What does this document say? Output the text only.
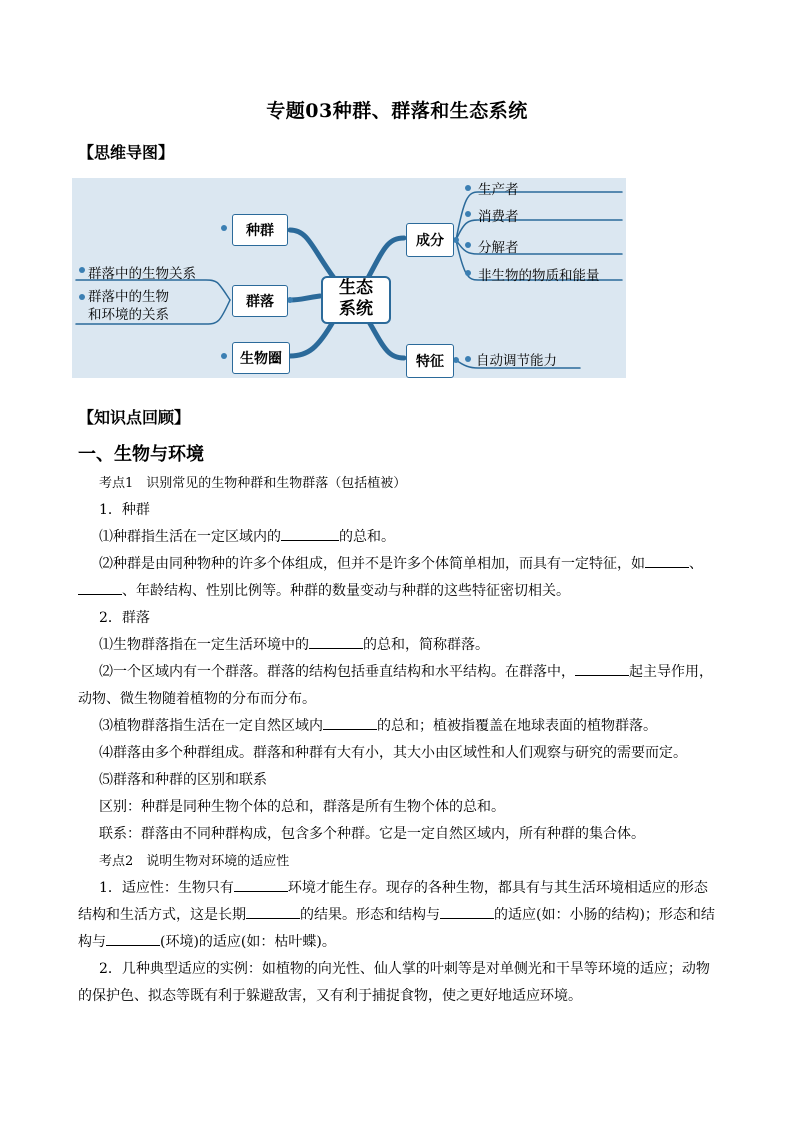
专题03种群、群落和生态系统
【思维导图】
生态
系统
种群
群落
生物圈
成分
特征
生产者
消费者
分解者
非生物的物质和能量
自动调节能力
群落中的生物关系
群落中的生物
和环境的关系
【知识点回顾】
一、生物与环境

考点1　识别常见的生物种群和生物群落（包括植被）

1．种群

⑴种群指生活在一定区域内的	的总和。

⑵种群是由同种物种的许多个体组成，但并不是许多个体简单相加，而具有一定特征，如	、、年龄结构、性别比例等。种群的数量变动与种群的这些特征密切相关。

2．群落

⑴生物群落指在一定生活环境中的	的总和，简称群落。

⑵一个区域内有一个群落。群落的结构包括垂直结构和水平结构。在群落中，	起主导作用，动物、微生物随着植物的分布而分布。

⑶植物群落指生活在一定自然区域内	的总和；植被指覆盖在地球表面的植物群落。

⑷群落由多个种群组成。群落和种群有大有小，其大小由区域性和人们观察与研究的需要而定。

⑸群落和种群的区别和联系

区别：种群是同种生物个体的总和，群落是所有生物个体的总和。

联系：群落由不同种群构成，包含多个种群。它是一定自然区域内，所有种群的集合体。

考点2　说明生物对环境的适应性

1．适应性：生物只有	环境才能生存。现存的各种生物，都具有与其生活环境相适应的形态结构和生活方式，这是长期	的结果。形态和结构与	的适应(如：小肠的结构)；形态和结构与	(环境)的适应(如：枯叶蝶)。

2．几种典型适应的实例：如植物的向光性、仙人掌的叶刺等是对单侧光和干旱等环境的适应；动物的保护色、拟态等既有利于躲避敌害，又有利于捕捉食物，使之更好地适应环境。
